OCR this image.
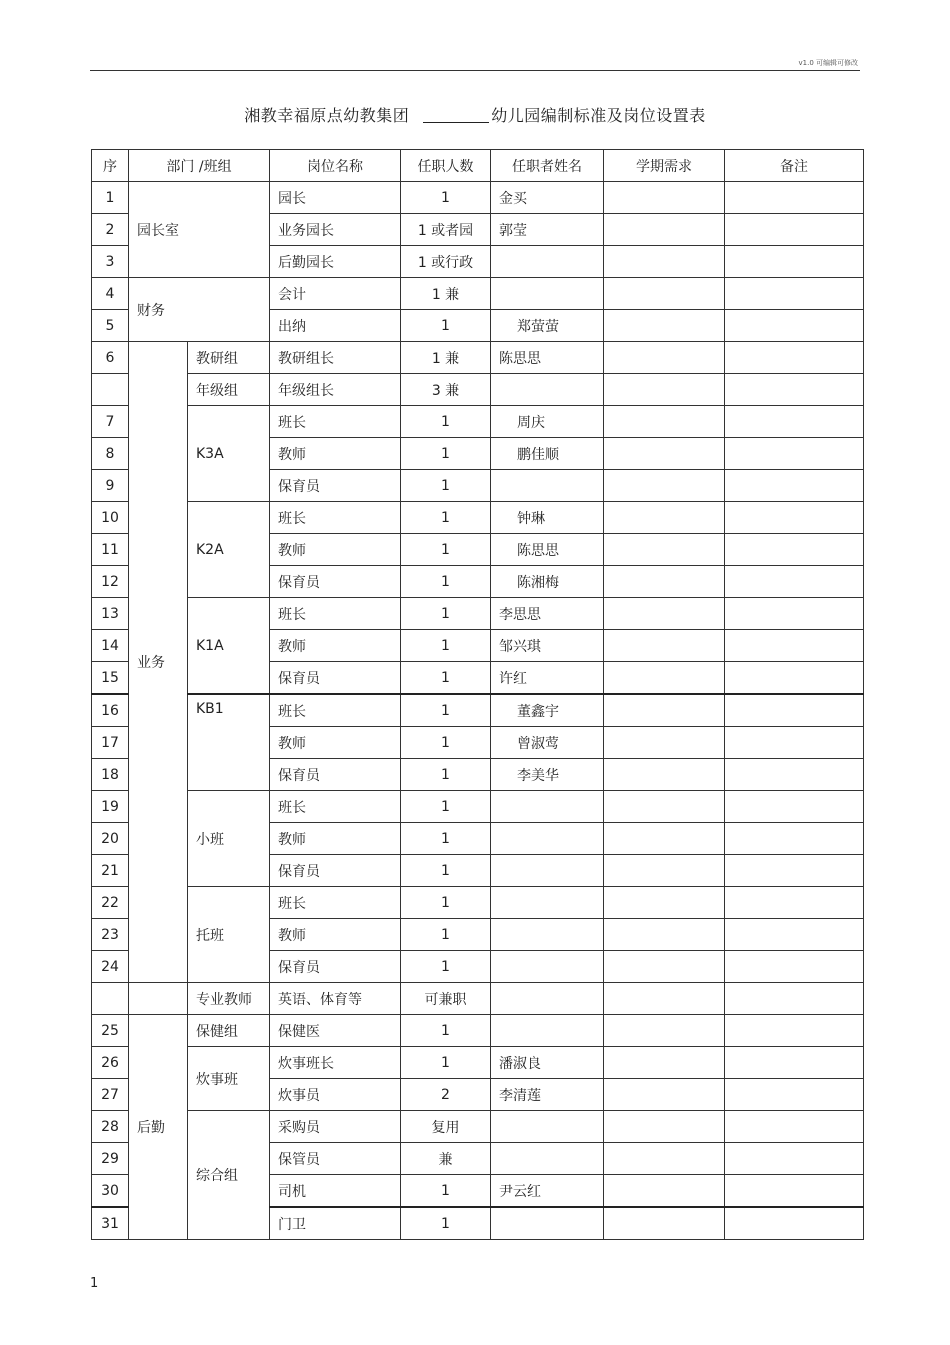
v1.0 可编辑可修改
湘教幸福原点幼教集团	幼儿园编制标准及岗位设置表
序	部门 /班组		岗位名称	任职人数	任职者姓名	学期需求	备注
1	园长室		园长	1	金买		
2			业务园长	1 或者园	郭莹		
3			后勤园长	1 或行政			
4	财务		会计	1 兼			
5			出纳	1	郑萤萤		
6	业务	教研组	教研组长	1 兼	陈思思		
		年级组	年级组长	3 兼			
7		K3A	班长	1	周庆		
8			教师	1	鹏佳顺		
9			保育员	1			
10		K2A	班长	1	钟琳		
11			教师	1	陈思思		
12			保育员	1	陈湘梅		
13		K1A	班长	1	李思思		
14			教师	1	邹兴琪		
15			保育员	1	许红		
16		KB1	班长	1	董鑫宇		
17			教师	1	曾淑莺		
18			保育员	1	李美华		
19		小班	班长	1			
20			教师	1			
21			保育员	1			
22		托班	班长	1			
23			教师	1			
24			保育员	1			
		专业教师	英语、体育等	可兼职			
25	后勤	保健组	保健医	1			
26		炊事班	炊事班长	1	潘淑良		
27			炊事员	2	李清莲		
28		综合组	采购员	复用			
29			保管员	兼			
30			司机	1	尹云红		
31			门卫	1			
1
